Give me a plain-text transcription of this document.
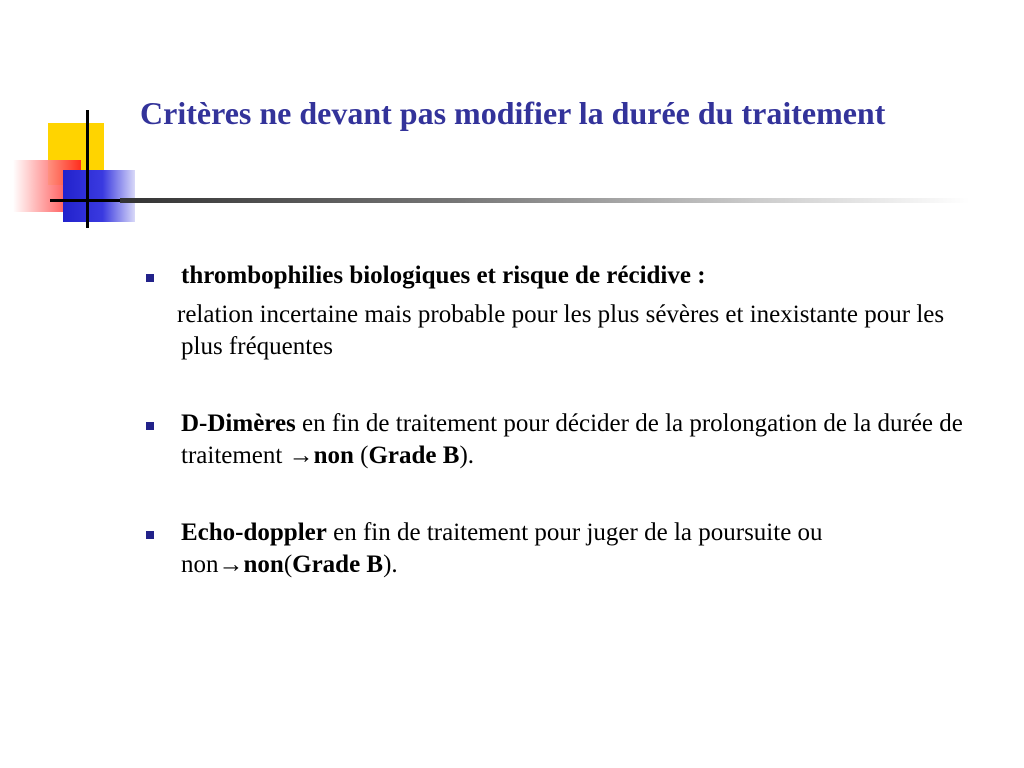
Critères ne devant pas modifier la durée du traitement
thrombophilies biologiques et risque de récidive :
relation incertaine mais probable pour les plus sévères et inexistante pour les plus fréquentes
D-Dimères en fin de traitement pour décider de la prolongation de la durée de traitement →non (Grade B).
Echo-doppler en fin de traitement pour juger de la poursuite ou non→non(Grade B).
